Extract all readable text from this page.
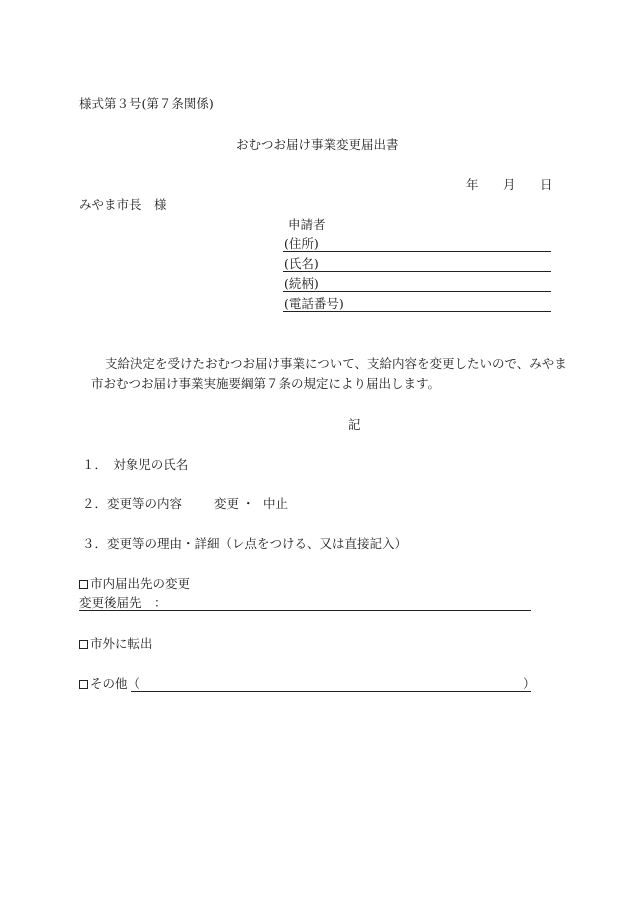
様式第３号(第７条関係)
おむつお届け事業変更届出書
年 月 日
みやま市長　様
申請者
(住所)
(氏名)
(続柄)
(電話番号)
支給決定を受けたおむつお届け事業について、支給内容を変更したいので、みやま
市おむつお届け事業実施要綱第７条の規定により届出します。
記
１．　対象児の氏名
２．変更等の内容	変更 ・ 中止
３．変更等の理由・詳細（レ点をつける、又は直接記入）
市内届出先の変更
変更後届先　：
市外に転出
その他（	）
